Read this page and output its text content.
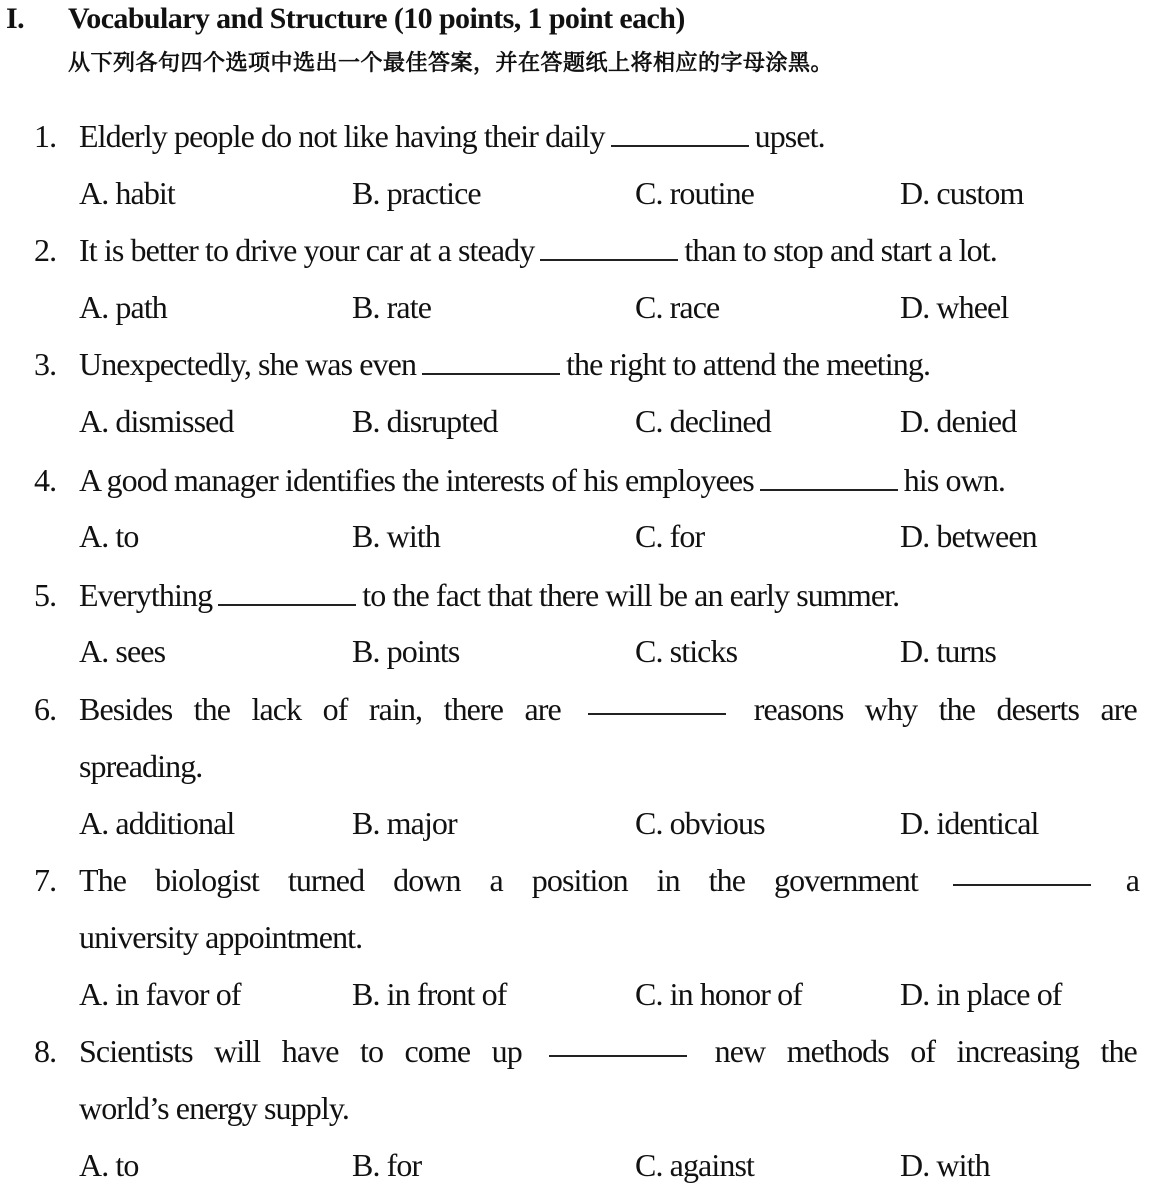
I. Vocabulary and Structure (10 points, 1 point each)
从下列各句四个选项中选出一个最佳答案，并在答题纸上将相应的字母涂黑。
1. Elderly people do not like having their daily	upset.
A. habit	B. practice	C. routine	D. custom
2. It is better to drive your car at a steady	than to stop and start a lot.
A. path	B. rate	C. race	D. wheel
3. Unexpectedly, she was even	the right to attend the meeting.
A. dismissed	B. disrupted	C. declined	D. denied
4. A good manager identifies the interests of his employees	his own.
A. to	B. with	C. for	D. between
5. Everything	to the fact that there will be an early summer.
A. sees	B. points	C. sticks	D. turns
6. Besides the lack of rain, there are	reasons why the deserts are
spreading.
A. additional	B. major	C. obvious	D. identical
7. The biologist turned down a position in the government	a
university appointment.
A. in favor of	B. in front of	C. in honor of	D. in place of
8. Scientists will have to come up	new methods of increasing the
world’s energy supply.
A. to	B. for	C. against	D. with
